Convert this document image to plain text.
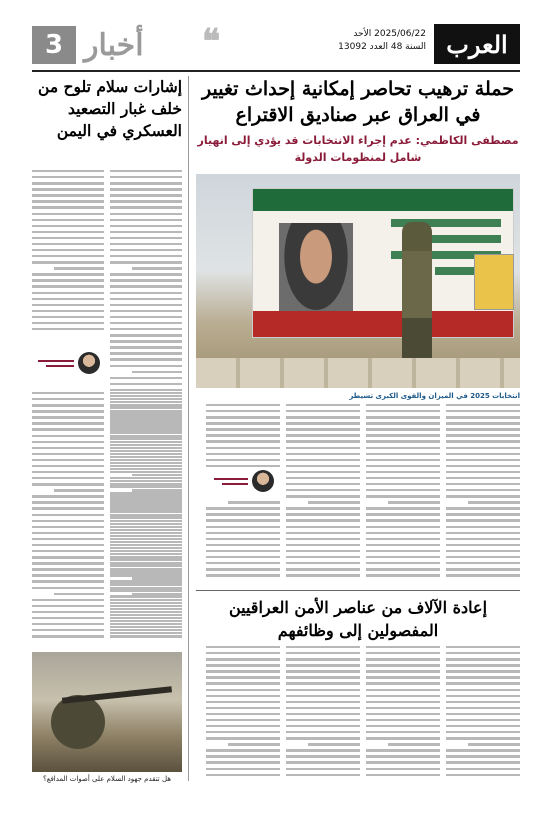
3 أخبار ❝	2025/06/22 الأحد
السنة 48 العدد 13092 العرب
إشارات سلام تلوح من خلف غبار التصعيد العسكري في اليمن
هل تتقدم جهود السلام على أصوات المدافع؟
حملة ترهيب تحاصر إمكانية إحداث تغيير في العراق عبر صناديق الاقتراع
مصطفى الكاظمي: عدم إجراء الانتخابات قد يؤدي إلى انهيار شامل لمنظومات الدولة
انتخابات 2025 في الميزان والقوى الكبرى تسيطر
إعادة الآلاف من عناصر الأمن العراقيين المفصولين إلى وظائفهم
